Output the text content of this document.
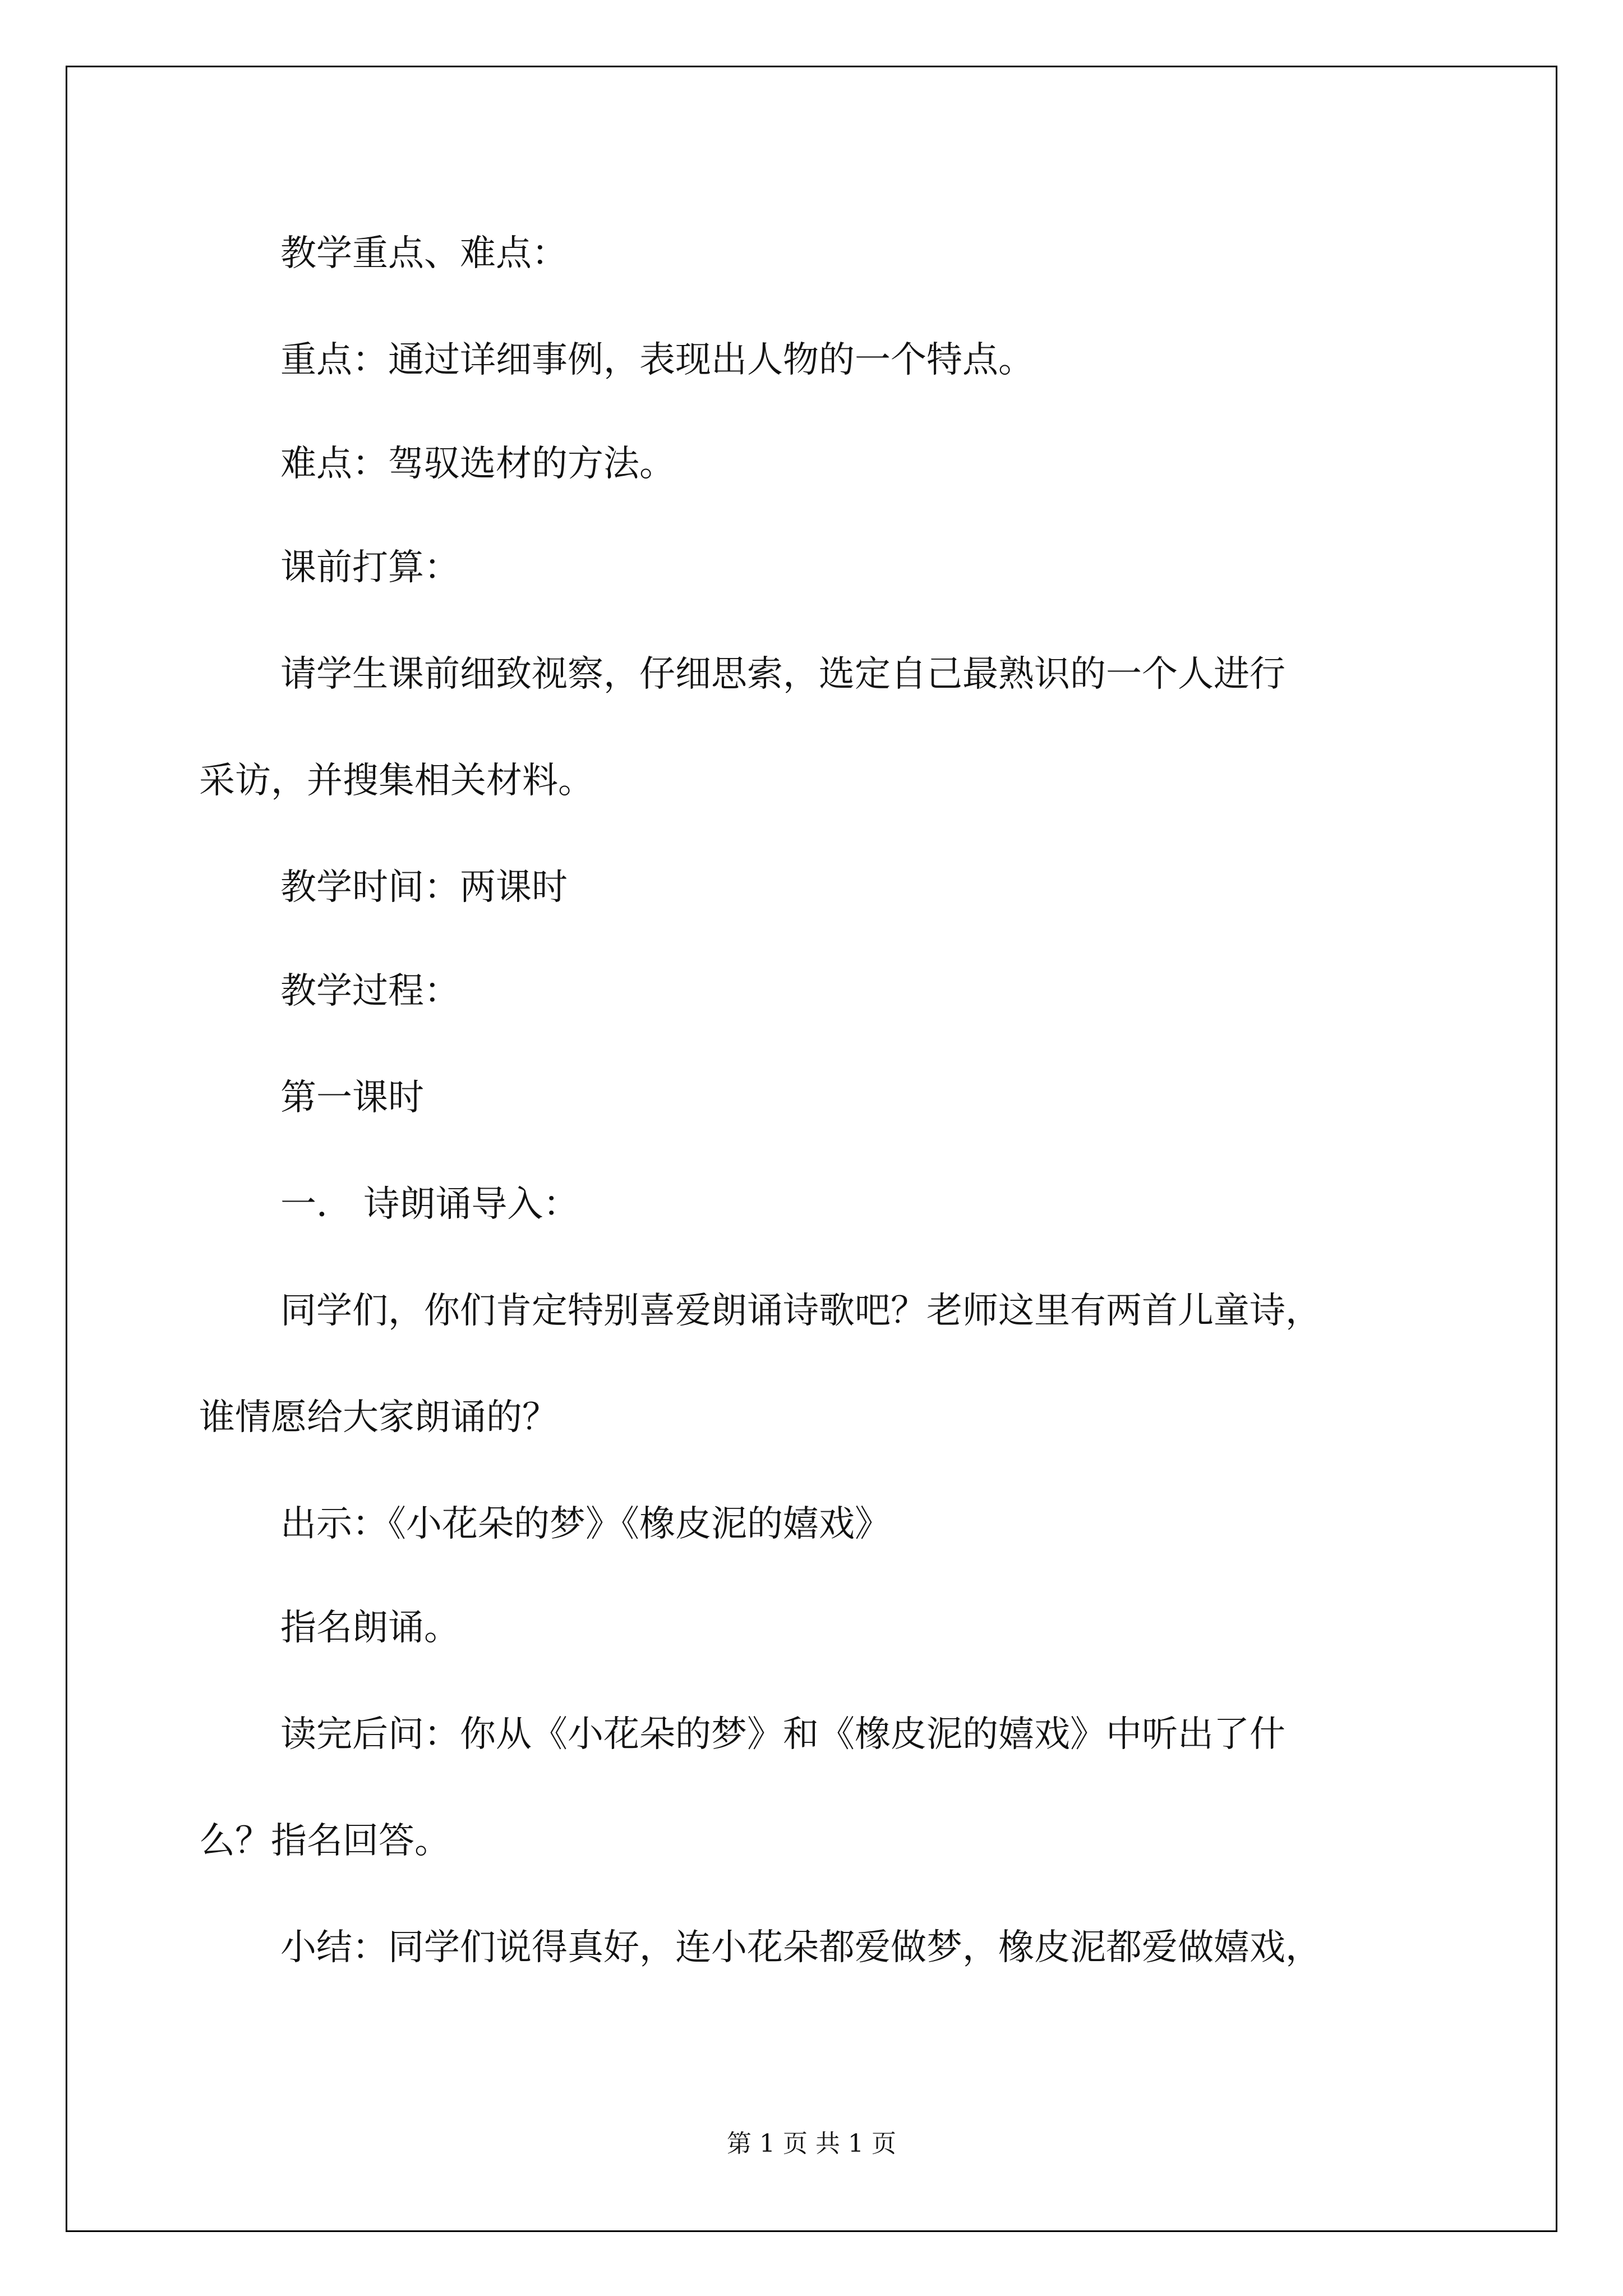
教学重点、难点：
重点：通过详细事例，表现出人物的一个特点。
难点：驾驭选材的方法。
课前打算：
请学生课前细致视察，仔细思索，选定自己最熟识的一个人进行
采访，并搜集相关材料。
教学时间：两课时
教学过程：
第一课时
一． 诗朗诵导入：
同学们，你们肯定特别喜爱朗诵诗歌吧？老师这里有两首儿童诗，
谁情愿给大家朗诵的？
出示：《小花朵的梦》《橡皮泥的嬉戏》
指名朗诵。
读完后问：你从《小花朵的梦》和《橡皮泥的嬉戏》中听出了什
么？指名回答。
小结：同学们说得真好，连小花朵都爱做梦，橡皮泥都爱做嬉戏，
第 1 页 共 1 页
